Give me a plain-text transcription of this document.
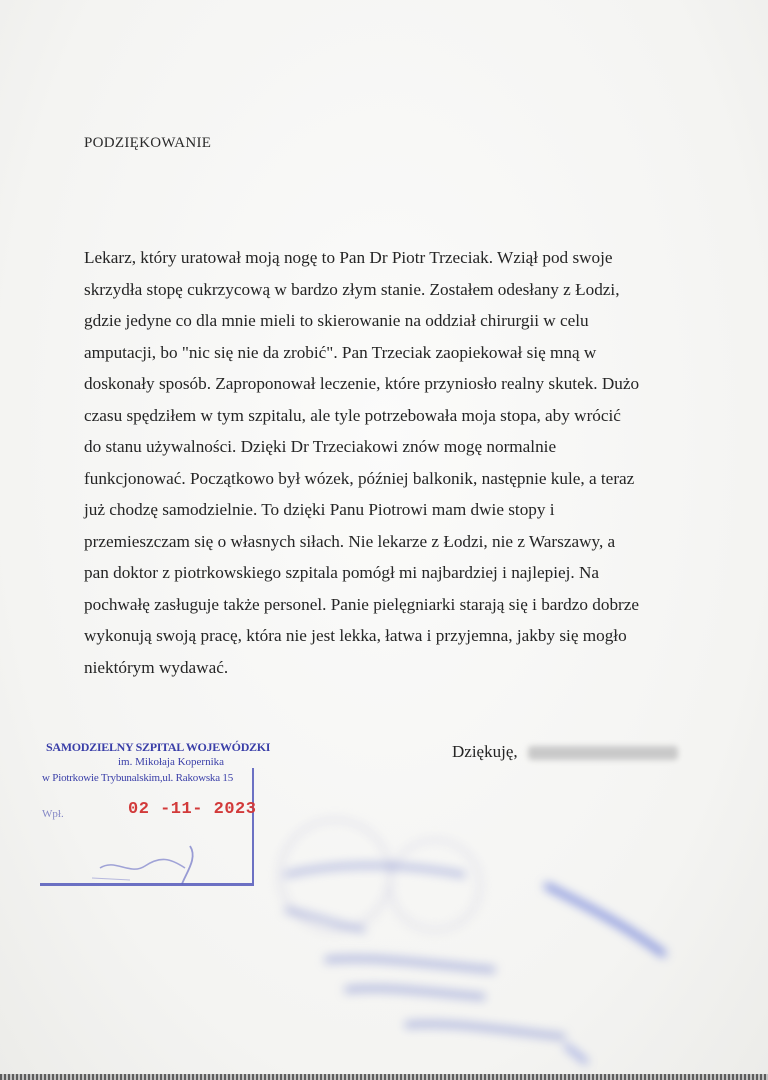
PODZIĘKOWANIE
Lekarz, który uratował moją nogę to Pan Dr Piotr Trzeciak. Wziął pod swoje
skrzydła stopę cukrzycową w bardzo złym stanie. Zostałem odesłany z Łodzi,
gdzie jedyne co dla mnie mieli to skierowanie na oddział chirurgii w celu
amputacji, bo "nic się nie da zrobić". Pan Trzeciak zaopiekował się mną w
doskonały sposób. Zaproponował leczenie, które przyniosło realny skutek. Dużo
czasu spędziłem w tym szpitalu, ale tyle potrzebowała moja stopa, aby wrócić
do stanu używalności. Dzięki Dr Trzeciakowi znów mogę normalnie
funkcjonować. Początkowo był wózek, później balkonik, następnie kule, a teraz
już chodzę samodzielnie. To dzięki Panu Piotrowi mam dwie stopy i
przemieszczam się o własnych siłach. Nie lekarze z Łodzi, nie z Warszawy, a
pan doktor z piotrkowskiego szpitala pomógł mi najbardziej i najlepiej. Na
pochwałę zasługuje także personel. Panie pielęgniarki starają się i bardzo dobrze
wykonują swoją pracę, która nie jest lekka, łatwa i przyjemna, jakby się mogło
niektórym wydawać.
Dziękuję,
SAMODZIELNY SZPITAL WOJEWÓDZKI
im. Mikołaja Kopernika
w Piotrkowie Trybunalskim,ul. Rakowska 15
Wpł.	02 -11- 2023
